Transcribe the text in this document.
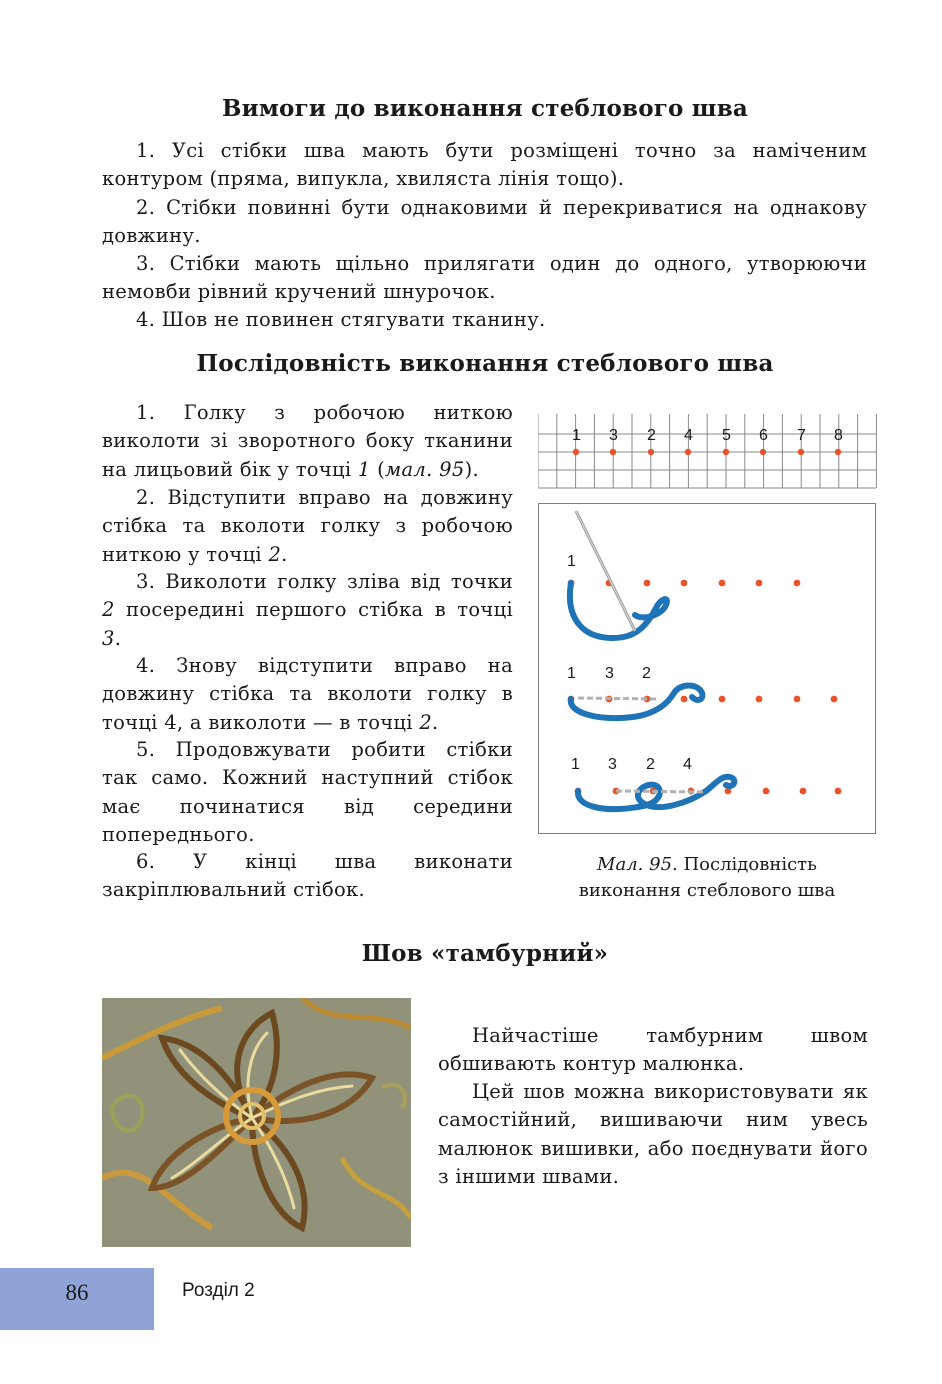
Вимоги до виконання стеблового шва
1. Усі стібки шва мають бути розміщені точно за наміченим контуром (пряма, випукла, хвиляста лінія тощо).
2. Стібки повинні бути однаковими й перекриватися на однакову довжину.
3. Стібки мають щільно прилягати один до одного, утворюючи немовби рівний кручений шнурочок.
4. Шов не повинен стягувати тканину.
Послідовність виконання стеблового шва
1. Голку з робочою ниткою виколоти зі зворотного боку тканини на лицьовий бік у точці 1 (мал. 95).
2. Відступити вправо на довжину стібка та вколоти голку з робочою ниткою у точці 2.
3. Виколоти голку зліва від точки 2 посередині першого стібка в точці 3.
4. Знову відступити вправо на довжину стібка та вколоти голку в точці 4, а виколоти — в точці 2.
5. Продовжувати робити стібки так само. Кожний наступний стібок має починатися від середини попереднього.
6. У кінці шва виконати закріплювальний стібок.
1 3 2 4 5 6 7 8
1
1 3 2
1 3 2 4
Мал. 95. Послідовність
виконання стеблового шва
Шов «тамбурний»
Найчастіше тамбурним швом обшивають контур малюнка.
Цей шов можна використовувати як самостійний, вишиваючи ним увесь малюнок вишивки, або поєднувати його з іншими швами.
86	Розділ 2
